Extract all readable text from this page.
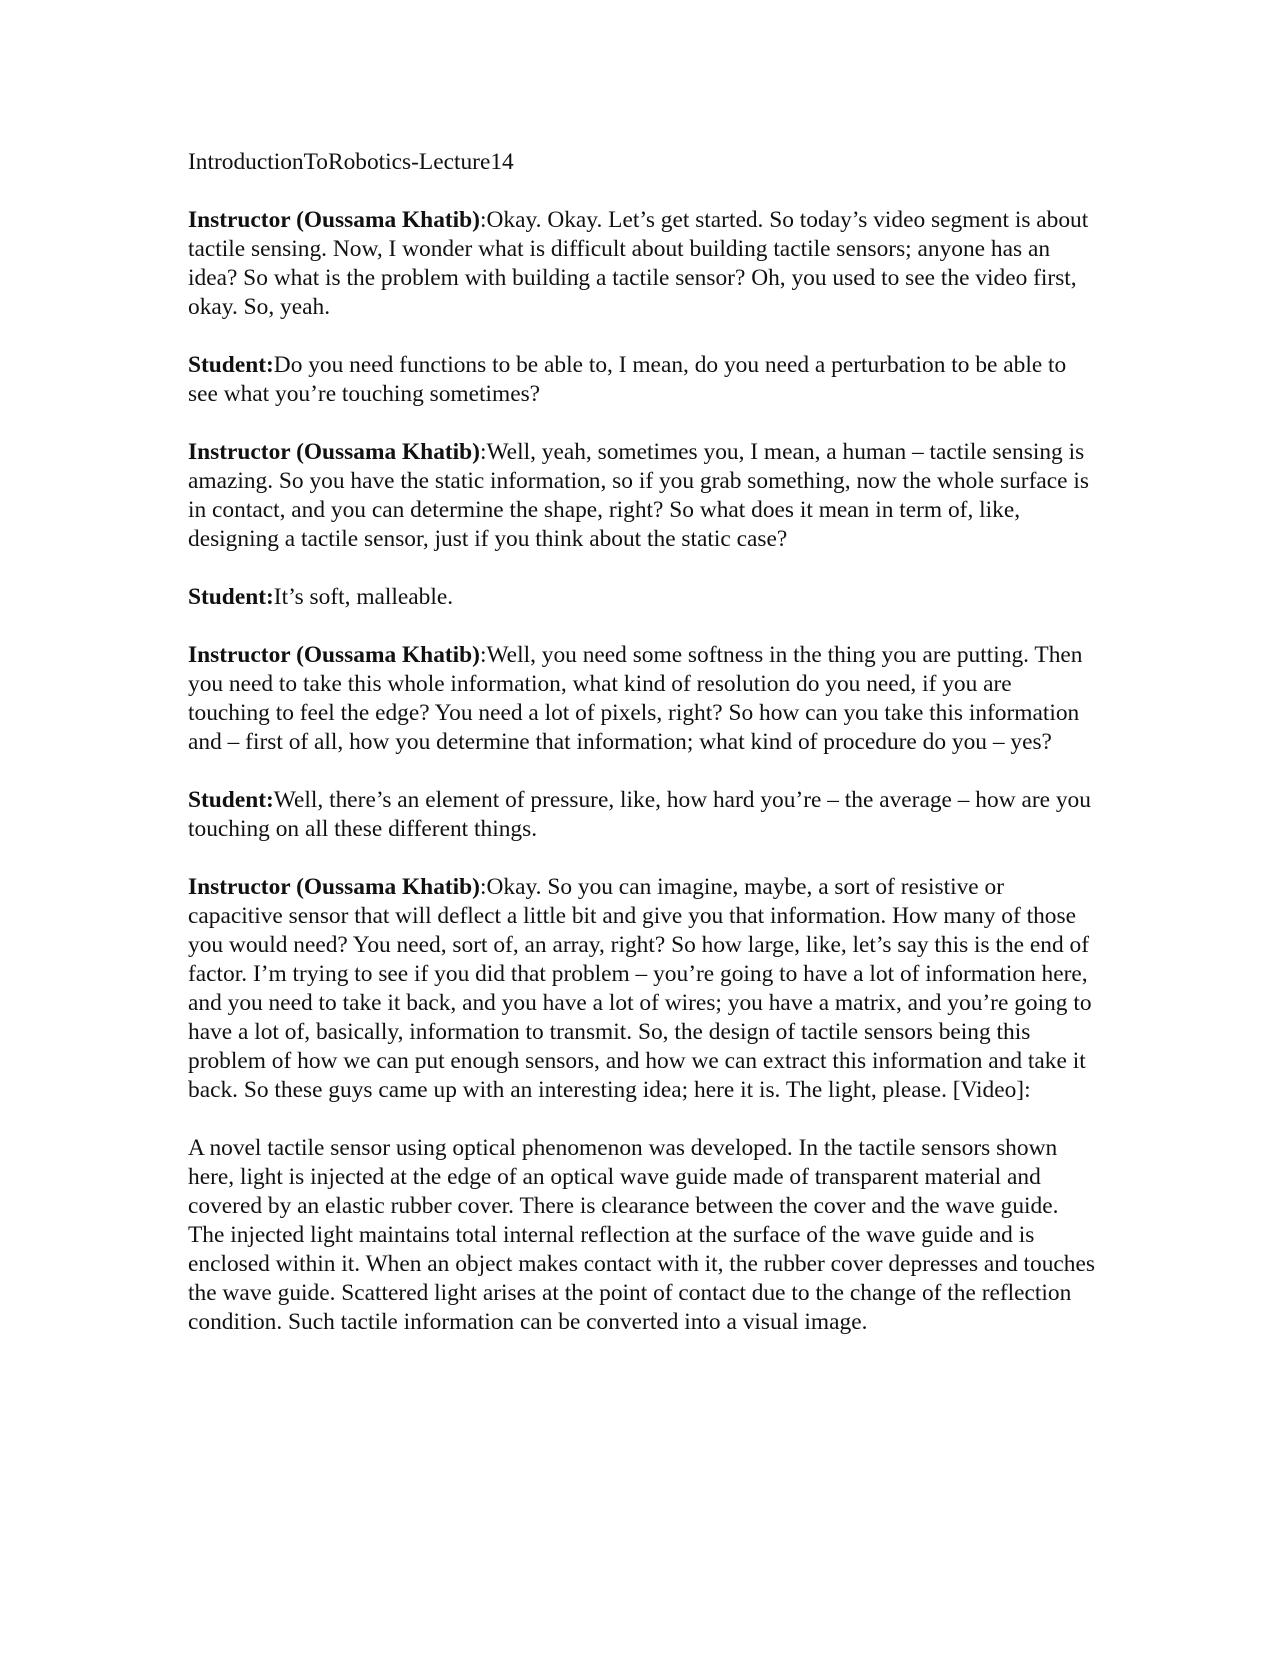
IntroductionToRobotics-Lecture14

Instructor (Oussama Khatib):Okay. Okay. Let’s get started. So today’s video segment is about tactile sensing. Now, I wonder what is difficult about building tactile sensors; anyone has an idea? So what is the problem with building a tactile sensor? Oh, you used to see the video first, okay. So, yeah.

Student:Do you need functions to be able to, I mean, do you need a perturbation to be able to see what you’re touching sometimes?

Instructor (Oussama Khatib):Well, yeah, sometimes you, I mean, a human – tactile sensing is amazing. So you have the static information, so if you grab something, now the whole surface is in contact, and you can determine the shape, right? So what does it mean in term of, like, designing a tactile sensor, just if you think about the static case?

Student:It’s soft, malleable.

Instructor (Oussama Khatib):Well, you need some softness in the thing you are putting. Then you need to take this whole information, what kind of resolution do you need, if you are touching to feel the edge? You need a lot of pixels, right? So how can you take this information and – first of all, how you determine that information; what kind of procedure do you – yes?

Student:Well, there’s an element of pressure, like, how hard you’re – the average – how are you touching on all these different things.

Instructor (Oussama Khatib):Okay. So you can imagine, maybe, a sort of resistive or capacitive sensor that will deflect a little bit and give you that information. How many of those you would need? You need, sort of, an array, right? So how large, like, let’s say this is the end of factor. I’m trying to see if you did that problem – you’re going to have a lot of information here, and you need to take it back, and you have a lot of wires; you have a matrix, and you’re going to have a lot of, basically, information to transmit. So, the design of tactile sensors being this problem of how we can put enough sensors, and how we can extract this information and take it back. So these guys came up with an interesting idea; here it is. The light, please. [Video]:

A novel tactile sensor using optical phenomenon was developed. In the tactile sensors shown here, light is injected at the edge of an optical wave guide made of transparent material and covered by an elastic rubber cover. There is clearance between the cover and the wave guide. The injected light maintains total internal reflection at the surface of the wave guide and is enclosed within it. When an object makes contact with it, the rubber cover depresses and touches the wave guide. Scattered light arises at the point of contact due to the change of the reflection condition. Such tactile information can be converted into a visual image.
